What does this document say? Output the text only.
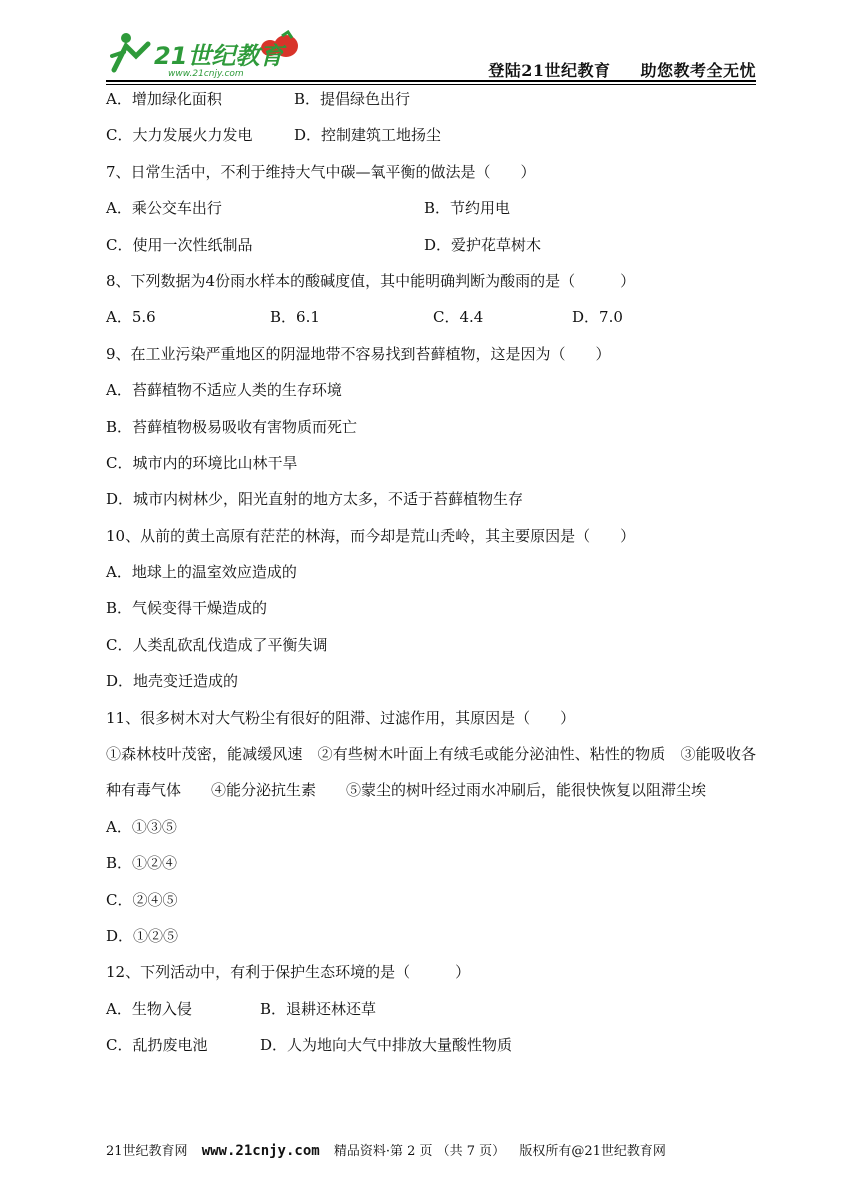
21世纪教育
www.21cnjy.com	登陆21世纪教育 助您教考全无忧
A．增加绿化面积	B．提倡绿色出行
C．大力发展火力发电	D．控制建筑工地扬尘
7、日常生活中，不利于维持大气中碳—氧平衡的做法是（　　）
A．乘公交车出行	B．节约用电
C．使用一次性纸制品	D．爱护花草树木
8、下列数据为4份雨水样本的酸碱度值，其中能明确判断为酸雨的是（　　　）
A．5.6	B．6.1	C．4.4	D．7.0
9、在工业污染严重地区的阴湿地带不容易找到苔藓植物，这是因为（　　）
A．苔藓植物不适应人类的生存环境
B．苔藓植物极易吸收有害物质而死亡
C．城市内的环境比山林干旱
D．城市内树林少，阳光直射的地方太多，不适于苔藓植物生存
10、从前的黄土高原有茫茫的林海，而今却是荒山秃岭，其主要原因是（　　）
A．地球上的温室效应造成的
B．气候变得干燥造成的
C．人类乱砍乱伐造成了平衡失调
D．地壳变迁造成的
11、很多树木对大气粉尘有很好的阻滞、过滤作用，其原因是（　　）
①森林枝叶茂密，能减缓风速　②有些树木叶面上有绒毛或能分泌油性、粘性的物质　③能吸收各种有毒气体　　④能分泌抗生素　　⑤蒙尘的树叶经过雨水冲刷后，能很快恢复以阻滞尘埃
A．①③⑤
B．①②④
C．②④⑤
D．①②⑤
12、下列活动中，有利于保护生态环境的是（　　　）
A．生物入侵	B．退耕还林还草
C．乱扔废电池	D．人为地向大气中排放大量酸性物质
21世纪教育网 www.21cnjy.com 精品资料·第 2 页 （共 7 页） 版权所有@21世纪教育网
